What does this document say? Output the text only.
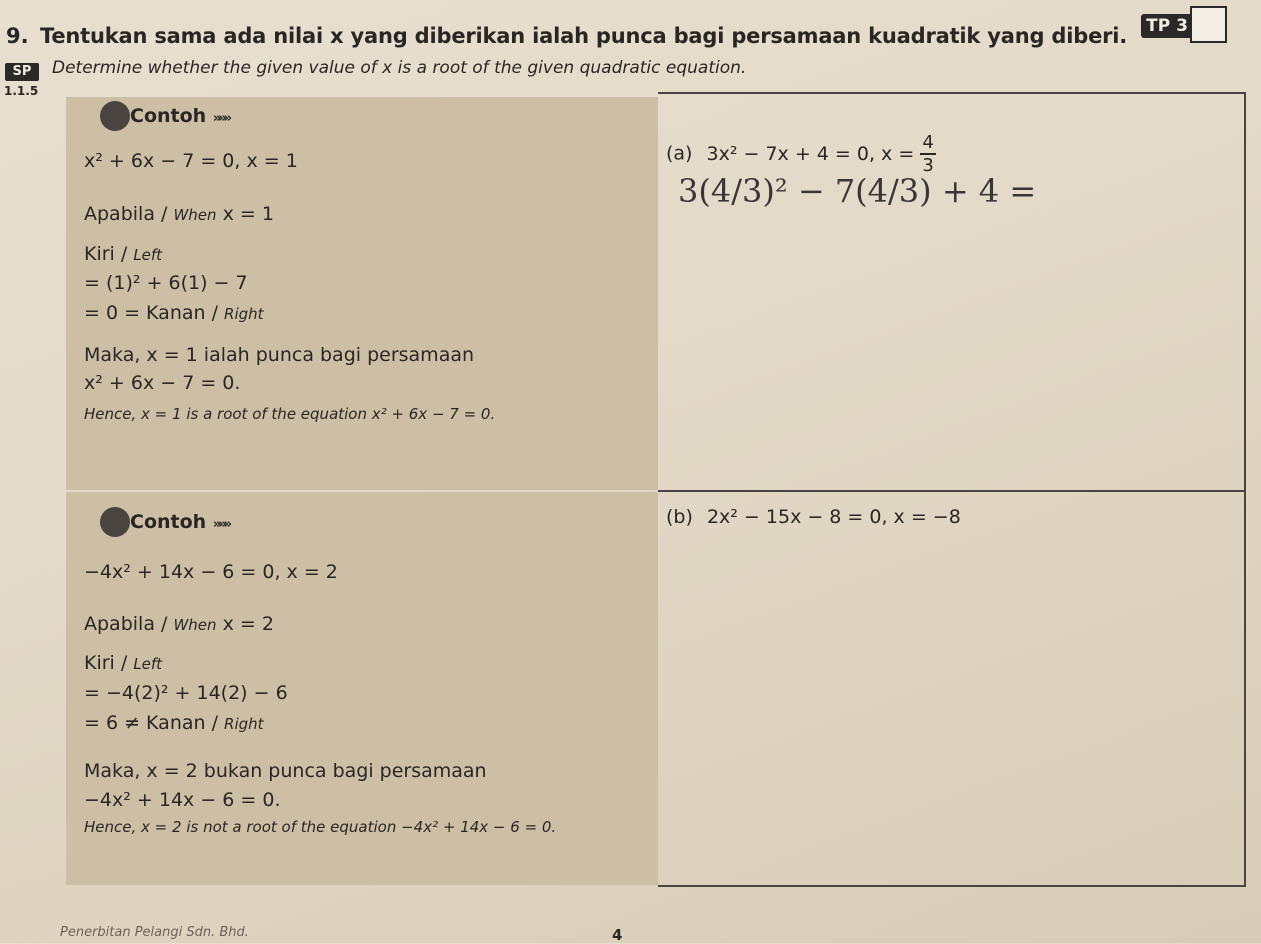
9. Tentukan sama ada nilai x yang diberikan ialah punca bagi persamaan kuadratik yang diberi. TP 3
SP
1.1.5
Determine whether the given value of x is a root of the given quadratic equation.
Contoh »»»
x² + 6x − 7 = 0, x = 1
Apabila / When x = 1
Kiri / Left
= (1)² + 6(1) − 7
= 0 = Kanan / Right
Maka, x = 1 ialah punca bagi persamaan
x² + 6x − 7 = 0.
Hence, x = 1 is a root of the equation x² + 6x − 7 = 0.
Contoh »»»
−4x² + 14x − 6 = 0, x = 2
Apabila / When x = 2
Kiri / Left
= −4(2)² + 14(2) − 6
= 6 ≠ Kanan / Right
Maka, x = 2 bukan punca bagi persamaan
−4x² + 14x − 6 = 0.
Hence, x = 2 is not a root of the equation −4x² + 14x − 6 = 0.
(a) 3x² − 7x + 4 = 0, $x = \frac{4}{3}$
3(4/3)² − 7(4/3) + 4 =
(b) 2x² − 15x − 8 = 0, x = −8
Penerbitan Pelangi Sdn. Bhd.	4
